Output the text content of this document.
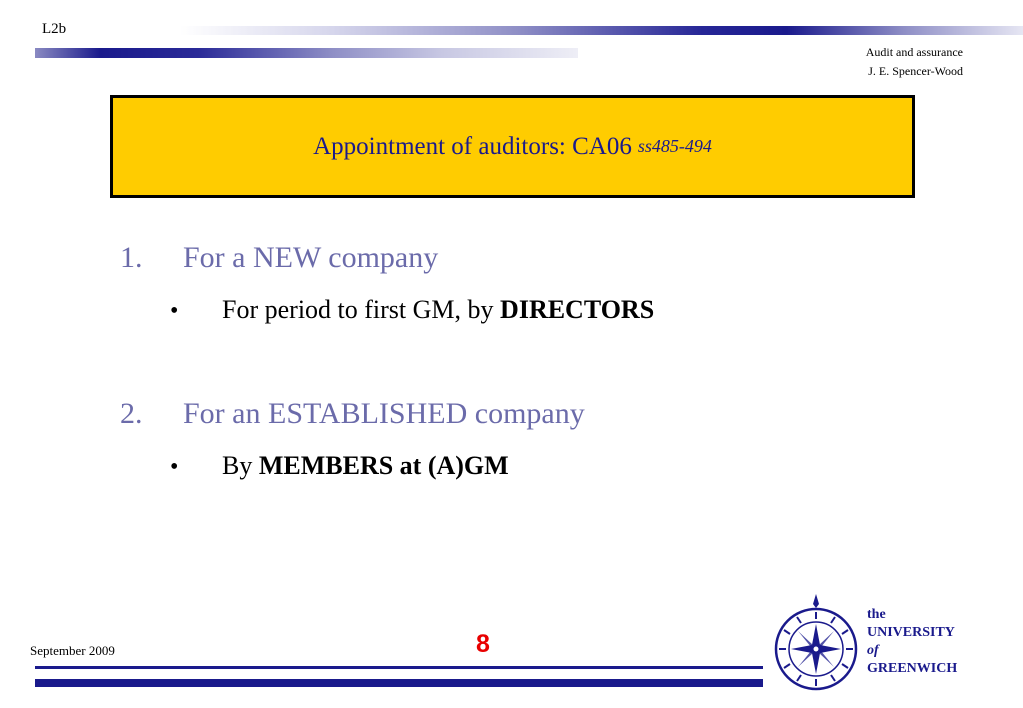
L2b
Audit and assurance
J. E. Spencer-Wood
Appointment of auditors: CA06 ss485-494
1. For a NEW company
• For period to first GM, by DIRECTORS
2. For an ESTABLISHED company
• By MEMBERS at (A)GM
September 2009	8
the
UNIVERSITY
of
GREENWICH
